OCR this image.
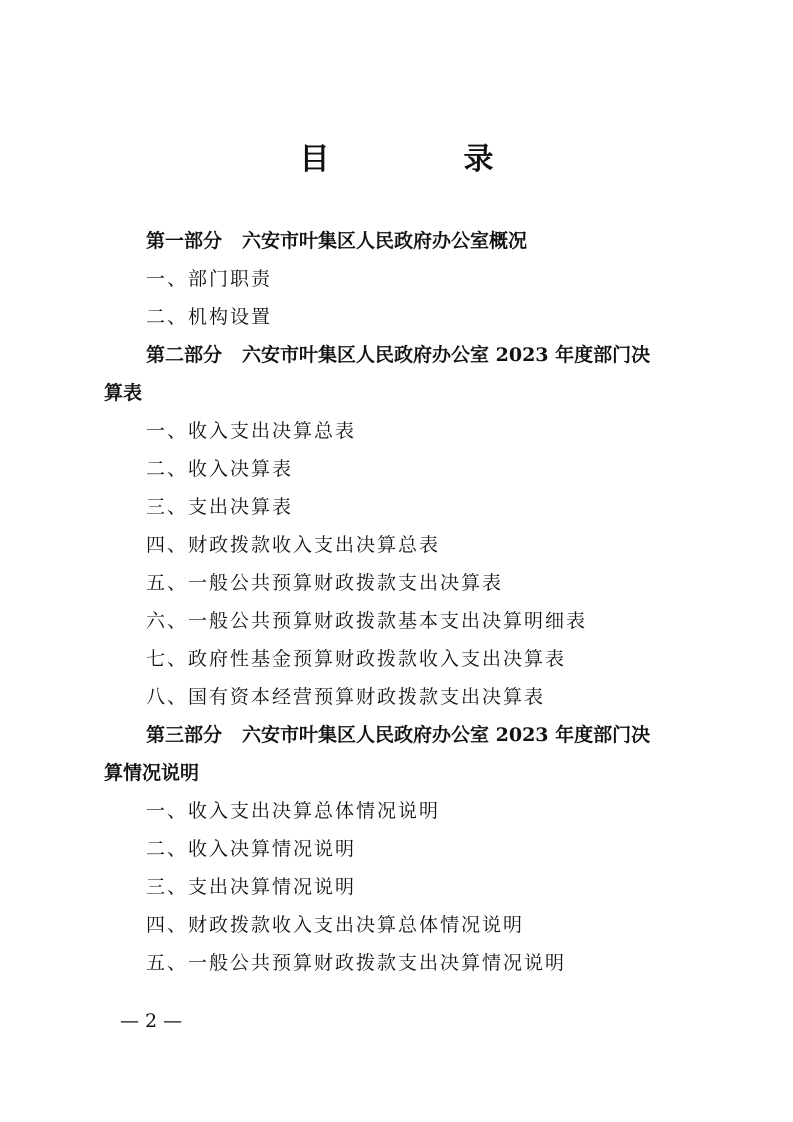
目　录
第一部分 六安市叶集区人民政府办公室概况
一、部门职责
二、机构设置
第二部分 六安市叶集区人民政府办公室 2023 年度部门决
算表
一、收入支出决算总表
二、收入决算表
三、支出决算表
四、财政拨款收入支出决算总表
五、一般公共预算财政拨款支出决算表
六、一般公共预算财政拨款基本支出决算明细表
七、政府性基金预算财政拨款收入支出决算表
八、国有资本经营预算财政拨款支出决算表
第三部分 六安市叶集区人民政府办公室 2023 年度部门决
算情况说明
一、收入支出决算总体情况说明
二、收入决算情况说明
三、支出决算情况说明
四、财政拨款收入支出决算总体情况说明
五、一般公共预算财政拨款支出决算情况说明
— 2 —
